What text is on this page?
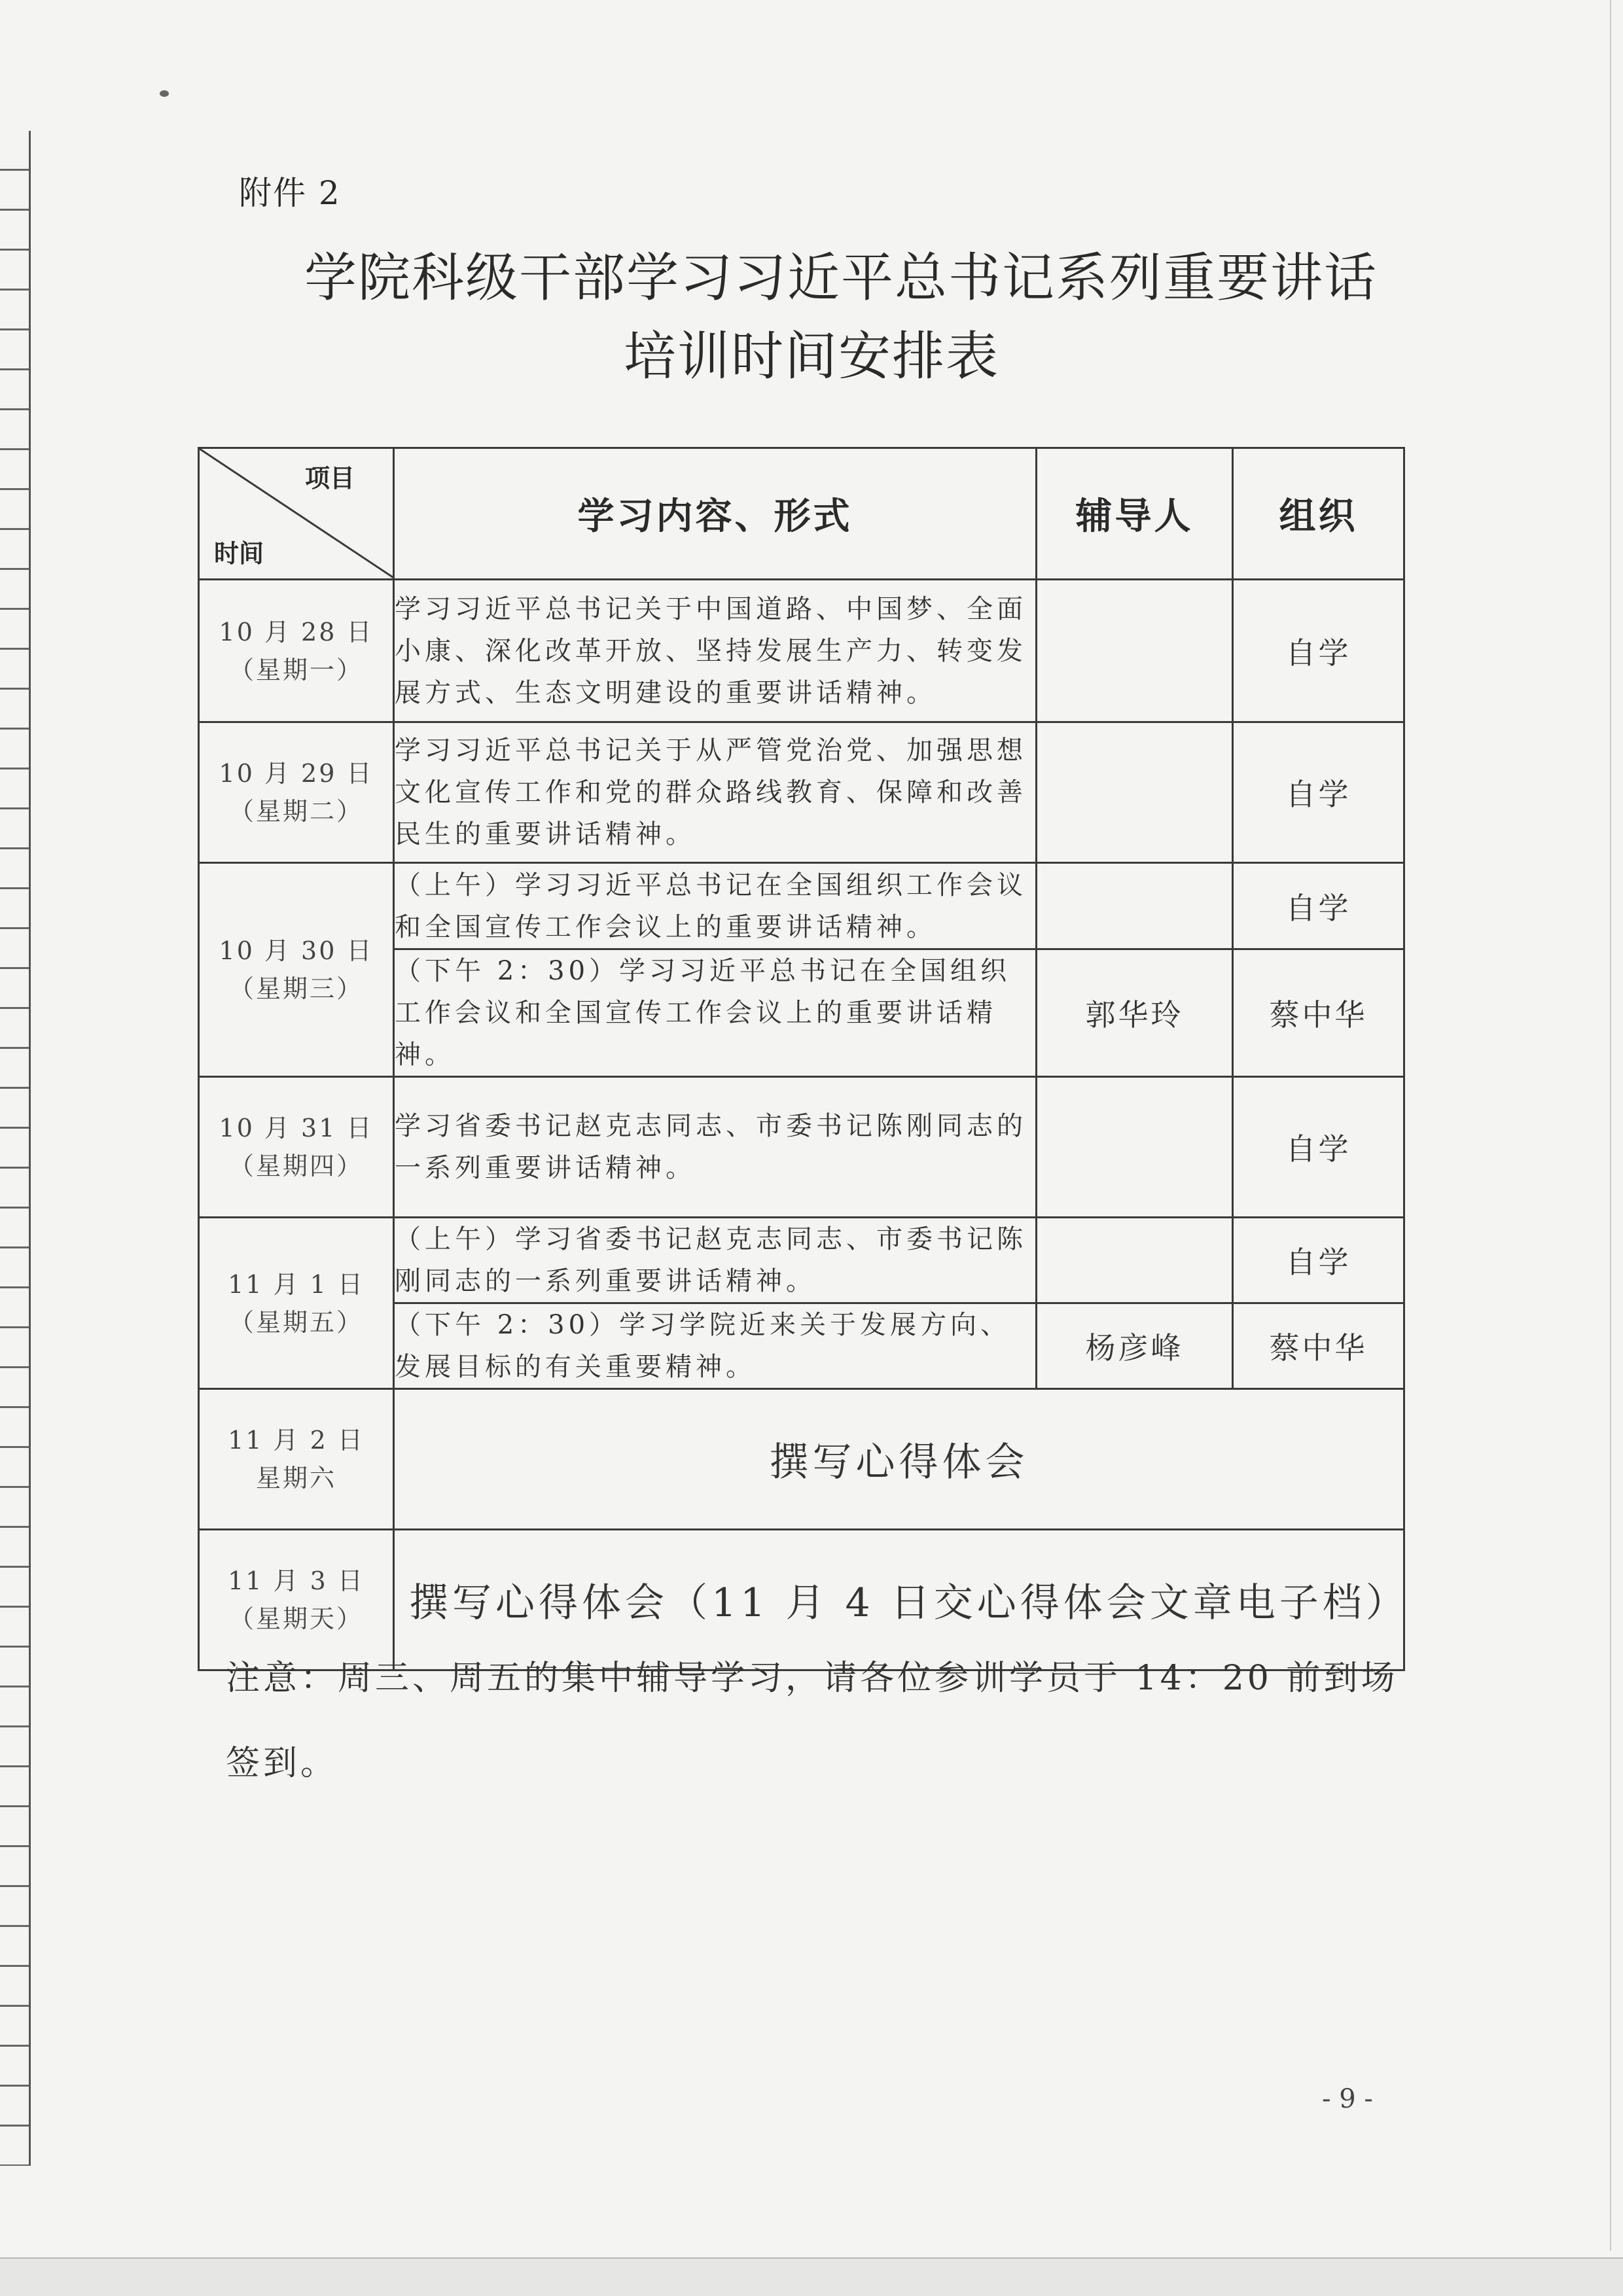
附件 2
学院科级干部学习习近平总书记系列重要讲话
培训时间安排表
项目
时间	学习内容、形式	辅导人	组织

10 月 28 日
（星期一）	学习习近平总书记关于中国道路、中国梦、全面小康、深化改革开放、坚持发展生产力、转变发展方式、生态文明建设的重要讲话精神。		自学

10 月 29 日
（星期二）	学习习近平总书记关于从严管党治党、加强思想文化宣传工作和党的群众路线教育、保障和改善民生的重要讲话精神。		自学

10 月 30 日
（星期三）	（上午）学习习近平总书记在全国组织工作会议和全国宣传工作会议上的重要讲话精神。		自学
	（下午 2：30）学习习近平总书记在全国组织工作会议和全国宣传工作会议上的重要讲话精神。	郭华玲	蔡中华

10 月 31 日
（星期四）	学习省委书记赵克志同志、市委书记陈刚同志的一系列重要讲话精神。		自学

11 月 1 日
（星期五）	（上午）学习省委书记赵克志同志、市委书记陈刚同志的一系列重要讲话精神。		自学
	（下午 2：30）学习学院近来关于发展方向、发展目标的有关重要精神。	杨彦峰	蔡中华

11 月 2 日
星期六	撰写心得体会		

11 月 3 日
（星期天）	撰写心得体会（11 月 4 日交心得体会文章电子档）		
注意：周三、周五的集中辅导学习，请各位参训学员于 14：20 前到场签到。
- 9 -
